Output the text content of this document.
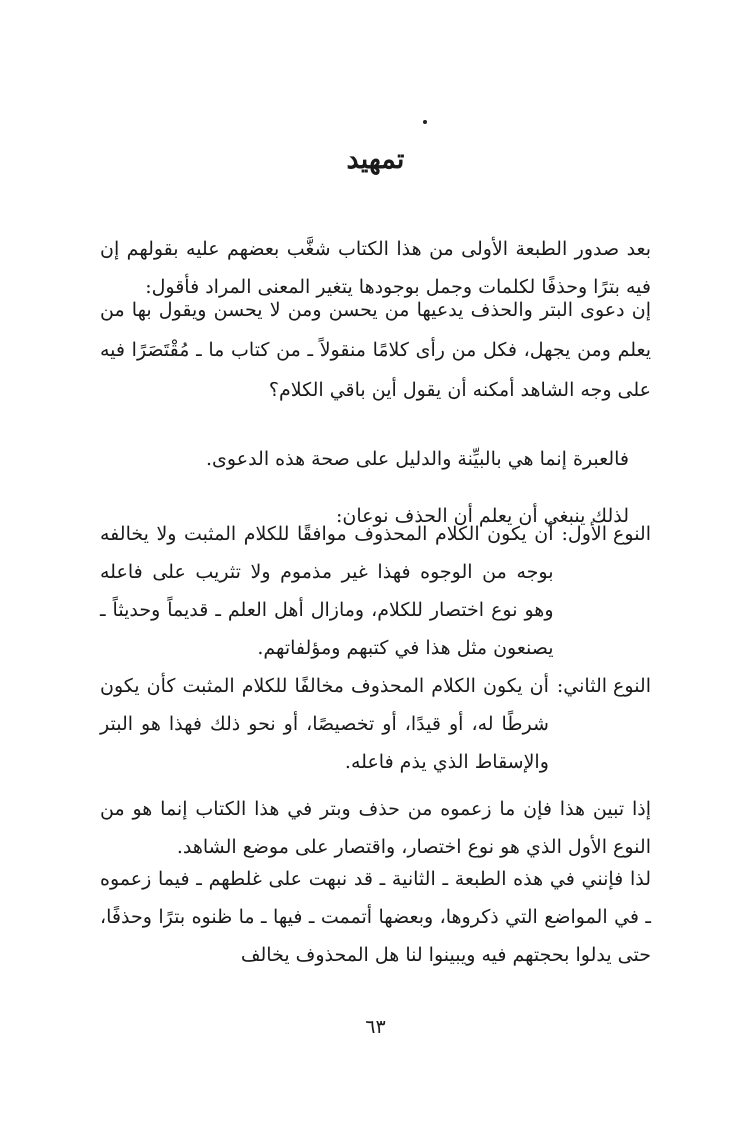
تمهيد

بعد صدور الطبعة الأولى من هذا الكتاب شغَّب بعضهم عليه بقولهم إن فيه بترًا وحذفًا لكلمات وجمل بوجودها يتغير المعنى المراد فأقول:

إن دعوى البتر والحذف يدعيها من يحسن ومن لا يحسن ويقول بها من يعلم ومن يجهل، فكل من رأى كلامًا منقولاً ـ من كتاب ما ـ مُقْتَصَرًا فيه على وجه الشاهد أمكنه أن يقول أين باقي الكلام؟

فالعبرة إنما هي بالبيِّنة والدليل على صحة هذه الدعوى.

لذلك ينبغي أن يعلم أن الحذف نوعان:

النوع الأول:
أن يكون الكلام المحذوف موافقًا للكلام المثبت ولا يخالفه بوجه من الوجوه فهذا غير مذموم ولا تثريب على فاعله وهو نوع اختصار للكلام، ومازال أهل العلم ـ قديماً وحديثاً ـ يصنعون مثل هذا في كتبهم ومؤلفاتهم.
النوع الثاني:
أن يكون الكلام المحذوف مخالفًا للكلام المثبت كأن يكون شرطًا له، أو قيدًا، أو تخصيصًا، أو نحو ذلك فهذا هو البتر والإسقاط الذي يذم فاعله.

إذا تبين هذا فإن ما زعموه من حذف وبتر في هذا الكتاب إنما هو من النوع الأول الذي هو نوع اختصار، واقتصار على موضع الشاهد.

لذا فإنني في هذه الطبعة ـ الثانية ـ قد نبهت على غلطهم ـ فيما زعموه ـ في المواضع التي ذكروها، وبعضها أتممت ـ فيها ـ ما ظنوه بترًا وحذفًا، حتى يدلوا بحجتهم فيه ويبينوا لنا هل المحذوف يخالف

٦٣
